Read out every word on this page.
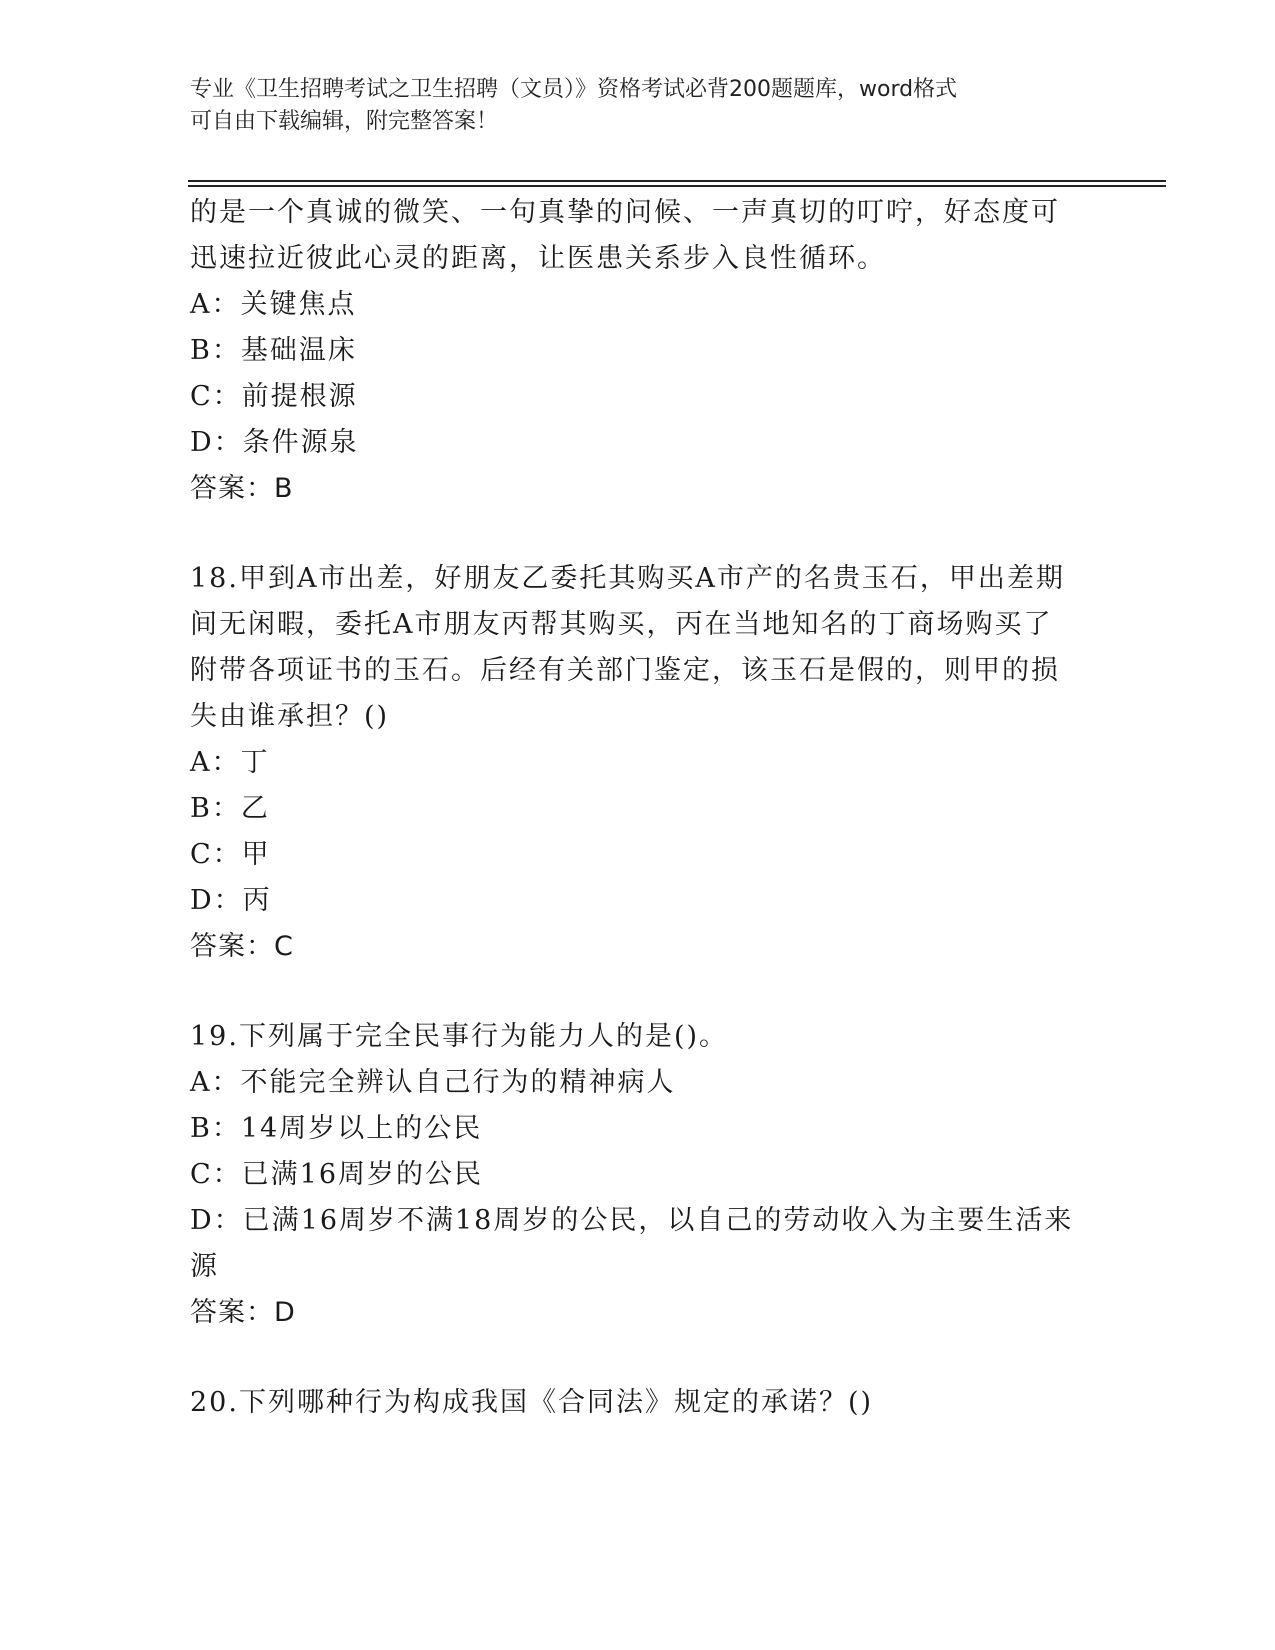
专业《卫生招聘考试之卫生招聘（文员）》资格考试必背200题题库，word格式
可自由下载编辑，附完整答案！
的是一个真诚的微笑、一句真挚的问候、一声真切的叮咛，好态度可
迅速拉近彼此心灵的距离，让医患关系步入良性循环。
A：关键焦点
B：基础温床
C：前提根源
D：条件源泉
答案：B
18.甲到A市出差，好朋友乙委托其购买A市产的名贵玉石，甲出差期
间无闲暇，委托A市朋友丙帮其购买，丙在当地知名的丁商场购买了
附带各项证书的玉石。后经有关部门鉴定，该玉石是假的，则甲的损
失由谁承担？()
A：丁
B：乙
C：甲
D：丙
答案：C
19.下列属于完全民事行为能力人的是()。
A：不能完全辨认自己行为的精神病人
B：14周岁以上的公民
C：已满16周岁的公民
D：已满16周岁不满18周岁的公民，以自己的劳动收入为主要生活来
源
答案：D
20.下列哪种行为构成我国《合同法》规定的承诺？()
